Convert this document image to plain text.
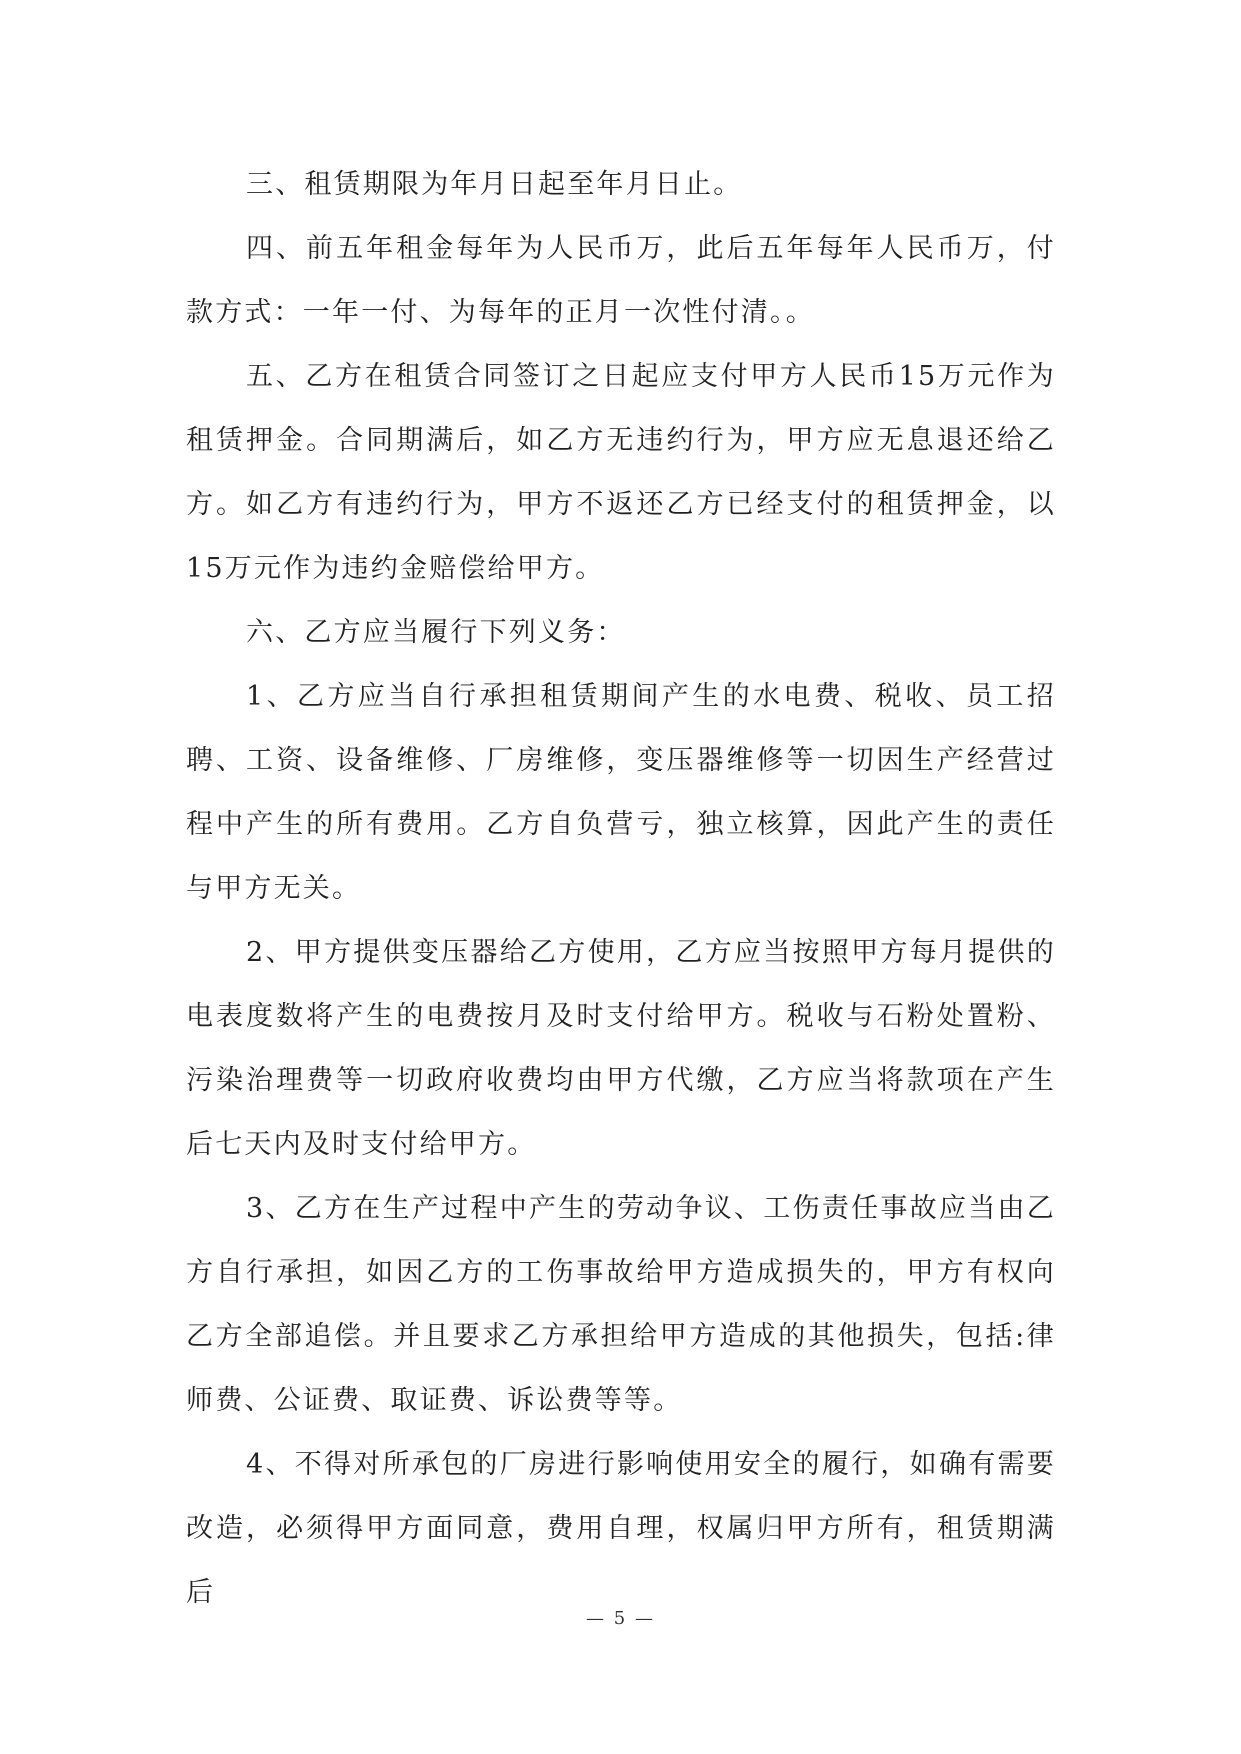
三、租赁期限为年月日起至年月日止。

四、前五年租金每年为人民币万，此后五年每年人民币万，付款方式：一年一付、为每年的正月一次性付清。。

五、乙方在租赁合同签订之日起应支付甲方人民币15万元作为租赁押金。合同期满后，如乙方无违约行为，甲方应无息退还给乙方。如乙方有违约行为，甲方不返还乙方已经支付的租赁押金，以15万元作为违约金赔偿给甲方。

六、乙方应当履行下列义务：

1、乙方应当自行承担租赁期间产生的水电费、税收、员工招聘、工资、设备维修、厂房维修，变压器维修等一切因生产经营过程中产生的所有费用。乙方自负营亏，独立核算，因此产生的责任与甲方无关。

2、甲方提供变压器给乙方使用，乙方应当按照甲方每月提供的电表度数将产生的电费按月及时支付给甲方。税收与石粉处置粉、污染治理费等一切政府收费均由甲方代缴，乙方应当将款项在产生后七天内及时支付给甲方。

3、乙方在生产过程中产生的劳动争议、工伤责任事故应当由乙方自行承担，如因乙方的工伤事故给甲方造成损失的，甲方有权向乙方全部追偿。并且要求乙方承担给甲方造成的其他损失，包括:律师费、公证费、取证费、诉讼费等等。

4、不得对所承包的厂房进行影响使用安全的履行，如确有需要改造，必须得甲方面同意，费用自理，权属归甲方所有，租赁期满后

— 5 —
